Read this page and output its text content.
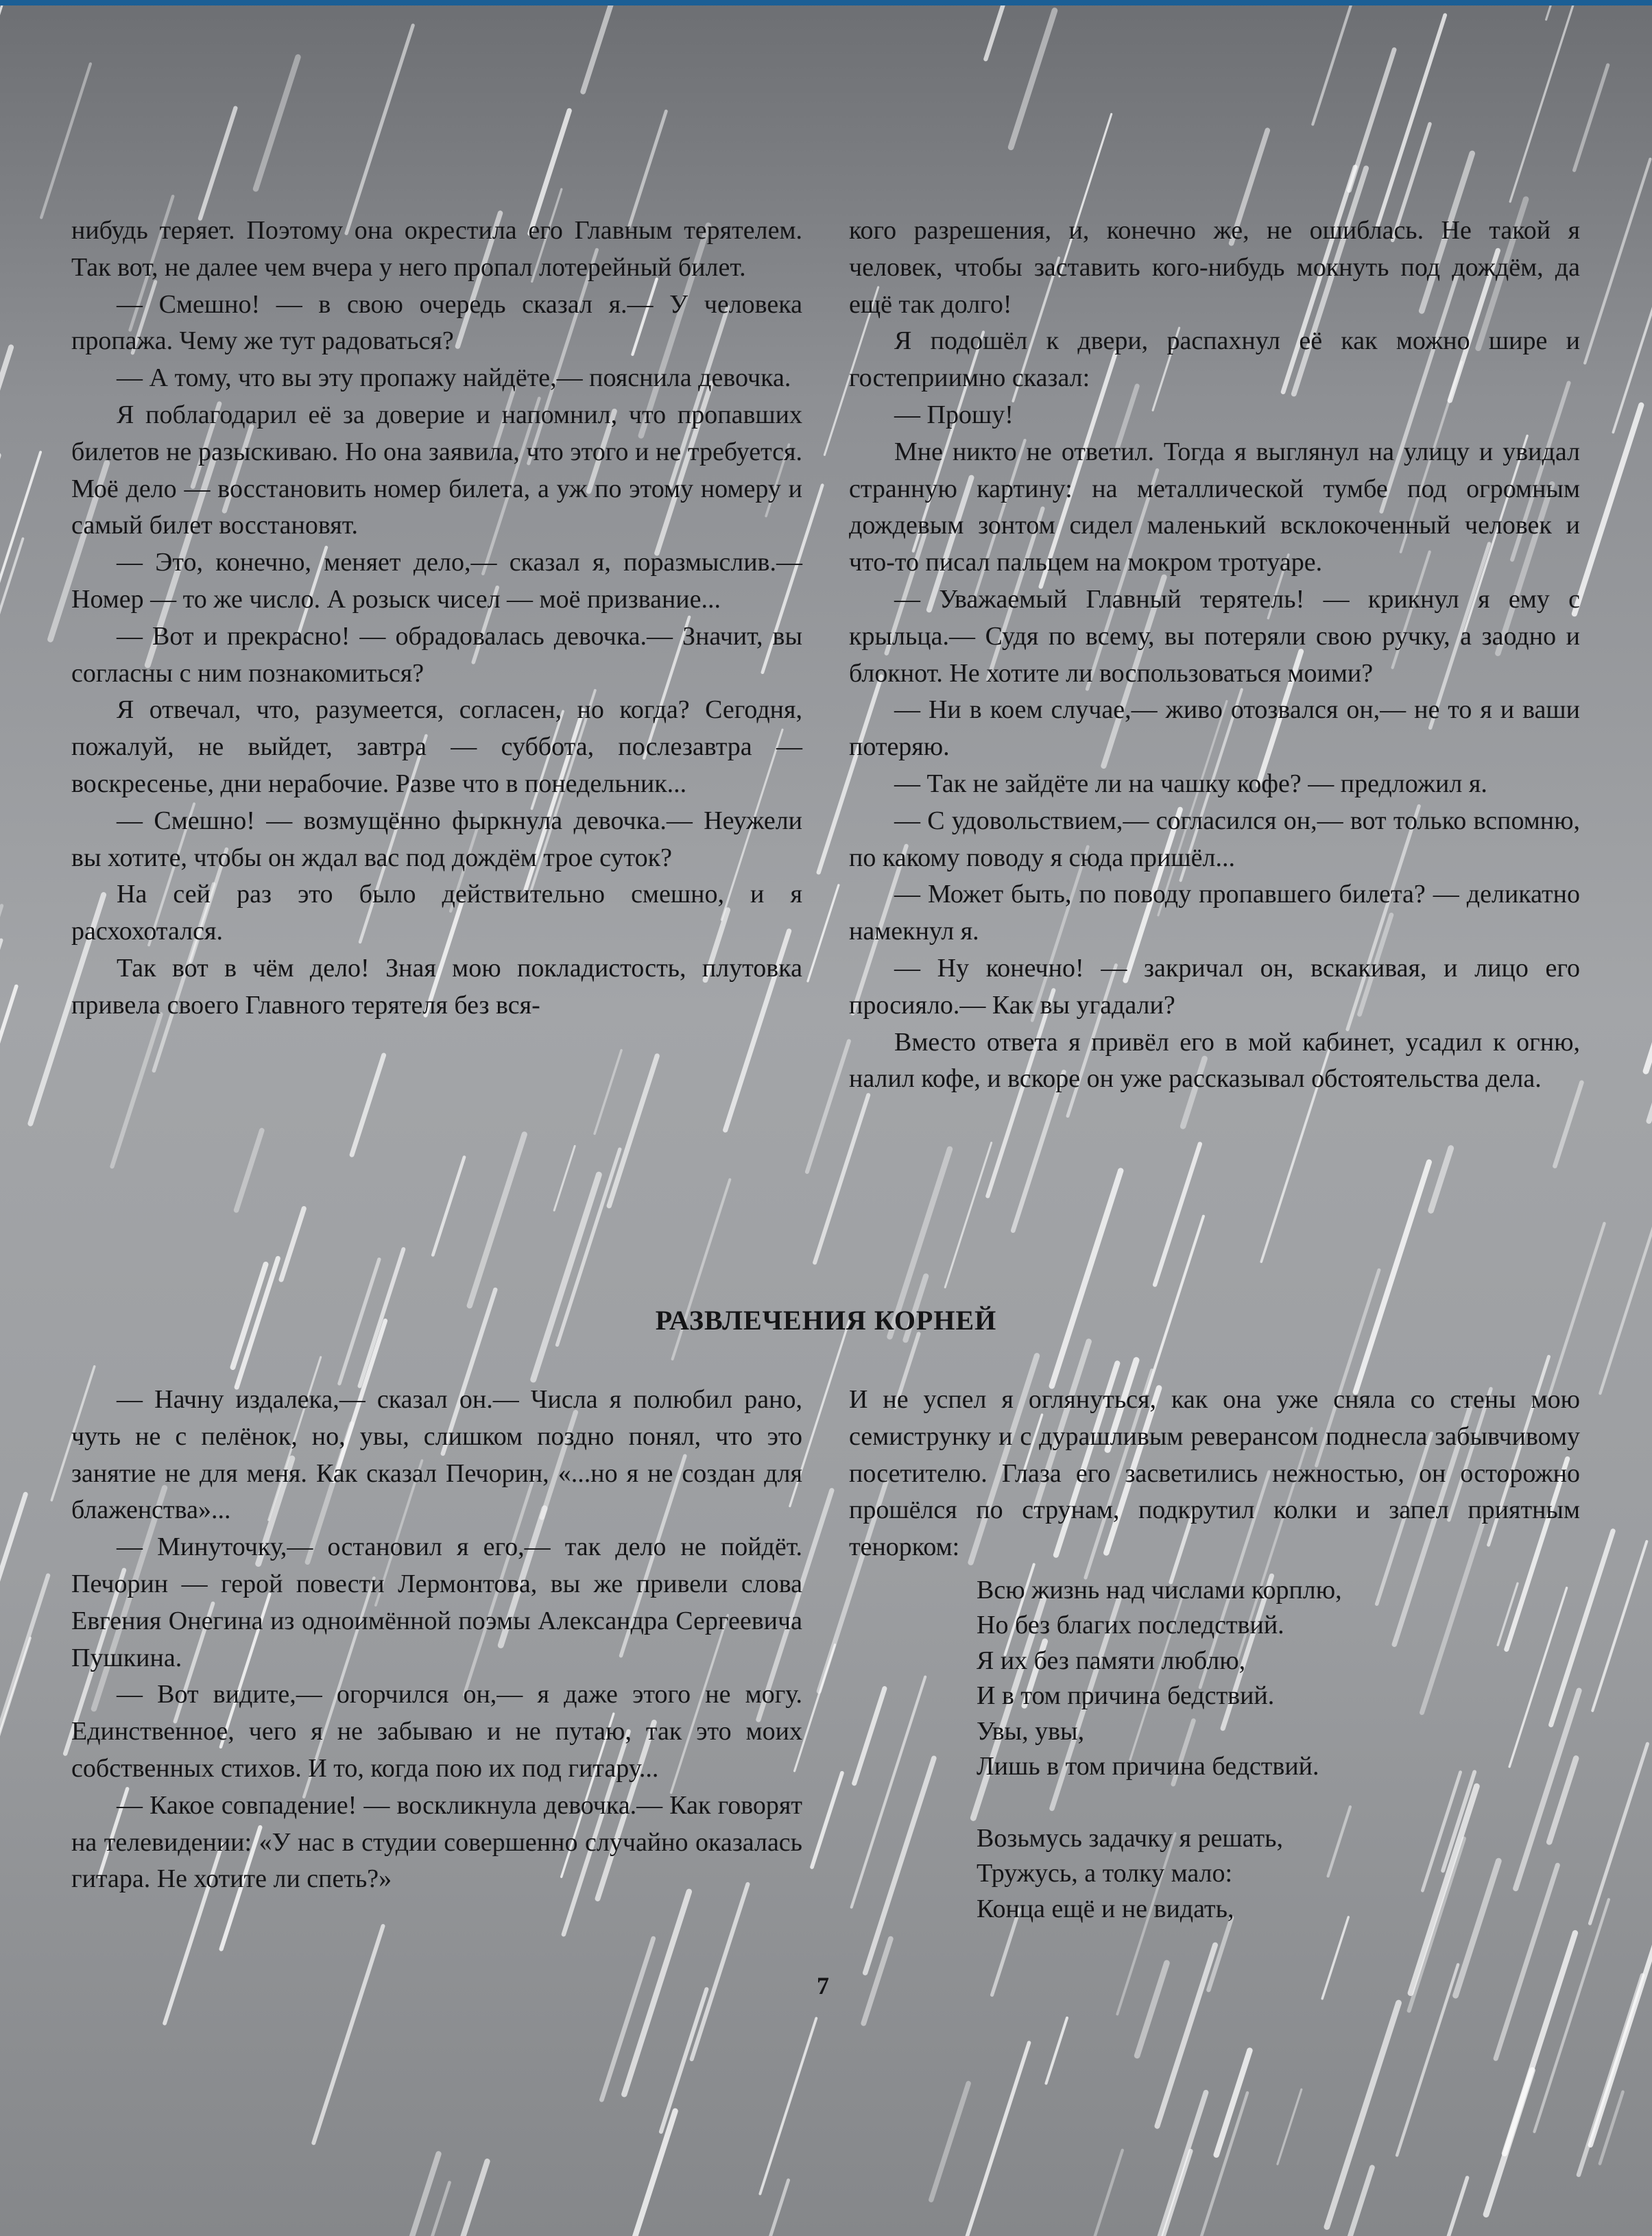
нибудь теряет. Поэтому она окрестила его Главным терятелем. Так вот, не далее чем вчера у него пропал лотерейный билет.

— Смешно! — в свою очередь сказал я.— У человека пропажа. Чему же тут радоваться?

— А тому, что вы эту пропажу найдёте,— пояснила девочка.

Я поблагодарил её за доверие и напомнил, что пропавших билетов не разыскиваю. Но она заявила, что этого и не требуется. Моё дело — восстановить номер билета, а уж по этому номеру и самый билет восстановят.

— Это, конечно, меняет дело,— сказал я, поразмыслив.— Номер — то же число. А розыск чисел — моё призвание...

— Вот и прекрасно! — обрадовалась девочка.— Значит, вы согласны с ним познакомиться?

Я отвечал, что, разумеется, согласен, но когда? Сегодня, пожалуй, не выйдет, завтра — суббота, послезавтра — воскресенье, дни нерабочие. Разве что в понедельник...

— Смешно! — возмущённо фыркнула девочка.— Неужели вы хотите, чтобы он ждал вас под дождём трое суток?

На сей раз это было действительно смешно, и я расхохотался.

Так вот в чём дело! Зная мою покладистость, плутовка привела своего Главного терятеля без вся-

кого разрешения, и, конечно же, не ошиблась. Не такой я человек, чтобы заставить кого-нибудь мокнуть под дождём, да ещё так долго!

Я подошёл к двери, распахнул её как можно шире и гостеприимно сказал:

— Прошу!

Мне никто не ответил. Тогда я выглянул на улицу и увидал странную картину: на металлической тумбе под огромным дождевым зонтом сидел маленький всклокоченный человек и что-то писал пальцем на мокром тротуаре.

— Уважаемый Главный терятель! — крикнул я ему с крыльца.— Судя по всему, вы потеряли свою ручку, а заодно и блокнот. Не хотите ли воспользоваться моими?

— Ни в коем случае,— живо отозвался он,— не то я и ваши потеряю.

— Так не зайдёте ли на чашку кофе? — предложил я.

— С удовольствием,— согласился он,— вот только вспомню, по какому поводу я сюда пришёл...

— Может быть, по поводу пропавшего билета? — деликатно намекнул я.

— Ну конечно! — закричал он, вскакивая, и лицо его просияло.— Как вы угадали?

Вместо ответа я привёл его в мой кабинет, усадил к огню, налил кофе, и вскоре он уже рассказывал обстоятельства дела.

РАЗВЛЕЧЕНИЯ КОРНЕЙ

— Начну издалека,— сказал он.— Числа я полюбил рано, чуть не с пелёнок, но, увы, слишком поздно понял, что это занятие не для меня. Как сказал Печорин, «...но я не создан для блаженства»...

— Минуточку,— остановил я его,— так дело не пойдёт. Печорин — герой повести Лермонтова, вы же привели слова Евгения Онегина из одноимённой поэмы Александра Сергеевича Пушкина.

— Вот видите,— огорчился он,— я даже этого не могу. Единственное, чего я не забываю и не путаю, так это моих собственных стихов. И то, когда пою их под гитару...

— Какое совпадение! — воскликнула девочка.— Как говорят на телевидении: «У нас в студии совершенно случайно оказалась гитара. Не хотите ли спеть?»

И не успел я оглянуться, как она уже сняла со стены мою семиструнку и с дурашливым реверансом поднесла забывчивому посетителю. Глаза его засветились нежностью, он осторожно прошёлся по струнам, подкрутил колки и запел приятным тенорком:

Всю жизнь над числами корплю,
Но без благих последствий.
Я их без памяти люблю,
И в том причина бедствий.
Увы, увы,
Лишь в том причина бедствий.
Возьмусь задачку я решать,
Тружусь, а толку мало:
Конца ещё и не видать,
7
